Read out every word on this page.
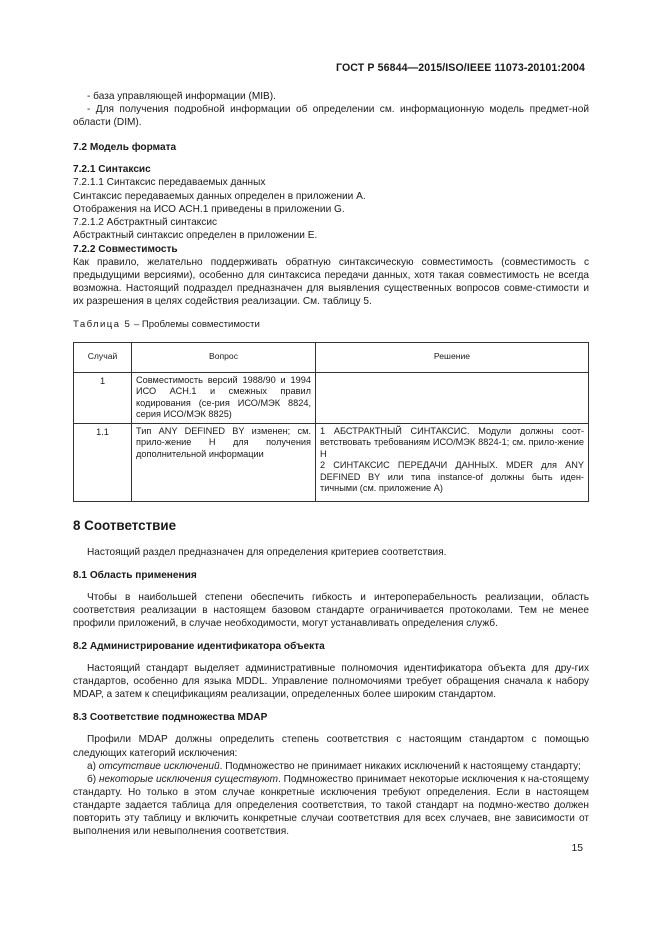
ГОСТ Р 56844—2015/ISO/IEEE 11073-20101:2004

- база управляющей информации (MIB).

- Для получения подробной информации об определении см. информационную модель предмет-ной области (DIM).

7.2 Модель формата

7.2.1 Синтаксис

7.2.1.1 Синтаксис передаваемых данных

Синтаксис передаваемых данных определен в приложении А.

Отображения на ИСО АСН.1 приведены в приложении G.

7.2.1.2 Абстрактный синтаксис

Абстрактный синтаксис определен в приложении Е.

7.2.2 Совместимость

Как правило, желательно поддерживать обратную синтаксическую совместимость (совместимость с предыдущими версиями), особенно для синтаксиса передачи данных, хотя такая совместимость не всегда возможна. Настоящий подраздел предназначен для выявления существенных вопросов совме-стимости и их разрешения в целях содействия реализации. См. таблицу 5.

Таблица 5 – Проблемы совместимости

Случай	Вопрос	Решение
1	Совместимость версий 1988/90 и 1994 ИСО АСН.1 и смежных правил кодирования (се-рия ИСО/МЭК 8824, серия ИСО/МЭК 8825)	
1.1	Тип ANY DEFINED BY изменен; см. прило-жение H для получения дополнительной информации	1 АБСТРАКТНЫЙ СИНТАКСИС. Модули должны соот-ветствовать требованиям ИСО/МЭК 8824-1; см. прило-жение H
2 СИНТАКСИС ПЕРЕДАЧИ ДАННЫХ. MDER для ANY DEFINED BY или типа instance-of должны быть иден-тичными (см. приложение А)

8 Соответствие

Настоящий раздел предназначен для определения критериев соответствия.

8.1 Область применения

Чтобы в наибольшей степени обеспечить гибкость и интероперабельность реализации, область соответствия реализации в настоящем базовом стандарте ограничивается протоколами. Тем не менее профили приложений, в случае необходимости, могут устанавливать определения служб.

8.2 Администрирование идентификатора объекта

Настоящий стандарт выделяет административные полномочия идентификатора объекта для дру-гих стандартов, особенно для языка MDDL. Управление полномочиями требует обращения сначала к набору MDAP, а затем к спецификациям реализации, определенных более широким стандартом.

8.3 Соответствие подмножества MDAP

Профили MDAP должны определить степень соответствия с настоящим стандартом с помощью следующих категорий исключения:

а) отсутствие исключений. Подмножество не принимает никаких исключений к настоящему стандарту;

б) некоторые исключения существуют. Подмножество принимает некоторые исключения к на-стоящему стандарту. Но только в этом случае конкретные исключения требуют определения. Если в настоящем стандарте задается таблица для определения соответствия, то такой стандарт на подмно-жество должен повторить эту таблицу и включить конкретные случаи соответствия для всех случаев, вне зависимости от выполнения или невыполнения соответствия.

15
